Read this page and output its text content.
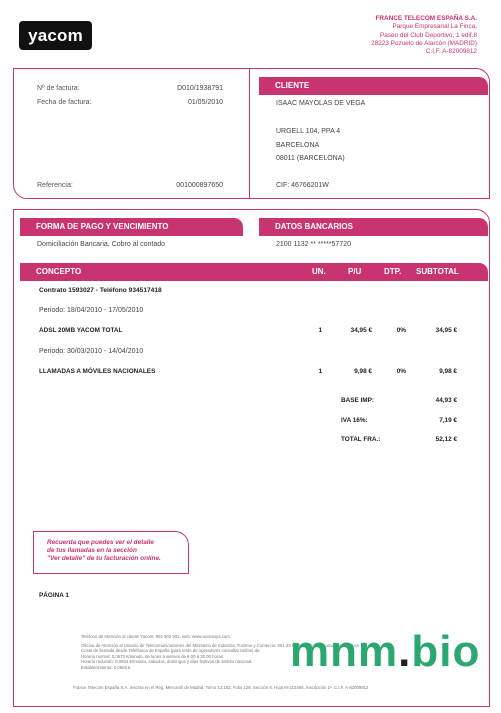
yacom
FRANCE TELECOM ESPAÑA S.A.
Parque Empresarial La Finca,
Paseo del Club Deportivo, 1 edif.8
28223 Pozuelo de Alarcón (MADRID)
C.I.F. A-82009812
Nº de factura:	D010/1938791
Fecha de factura:	01/05/2010
Referencia:	001000897650
CLIENTE
ISAAC MAYOLAS DE VEGA
URGELL 104, PPA 4
BARCELONA
08011 (BARCELONA)
CIF: 46766201W
FORMA DE PAGO Y VENCIMIENTO
Domiciliación Bancaria, Cobro al contado
DATOS BANCARIOS
2100 1132 ** *****57720
CONCEPTO	UN.	P/U	DTP. SUBTOTAL
Contrato 1593027 - Teléfono 934517418
Periodo: 18/04/2010 - 17/05/2010
ADSL 20MB YACOM TOTAL	1	34,95 €	0%	34,95 €
Periodo: 30/03/2010 - 14/04/2010
LLAMADAS A MÓVILES NACIONALES	1	9,98 €	0%	9,98 €
BASE IMP:	44,93 €
IVA 16%:	7,19 €
TOTAL FRA.:	52,12 €
Recuerda que puedes ver el detalle
de tus llamadas en la sección
"Ver detalle" de tu facturación online.
PÁGINA 1
Teléfono de Atención al cliente Yacom: 902 902 902, web: www.accesoya.com
Oficina de Atención al Usuario de Telecomunicaciones del Ministerio de Industria, Turismo y Comercio: 901 33 66 99, web: www.usuariosteleco.es
Coste de llamada desde Telefónica de España (para resto de operadores consultar tarifas) de:
Horario normal: 0,0673 €/minuto, de lunes a viernes de 8.00 a 20.00 horas.
Horario reducido: 0,0653 €/minuto, sábados, domingos y días festivos de ámbito nacional.
Establecimiento: 0,0603 €
France Telecom España S.A. Inscrita en el Reg. Mercantil de Madrid, Tomo 13.183, Folio 129, Sección 8, Hoja M-213468, Inscripción 1ª. C.I.F. A-82009812
mnm.bio
